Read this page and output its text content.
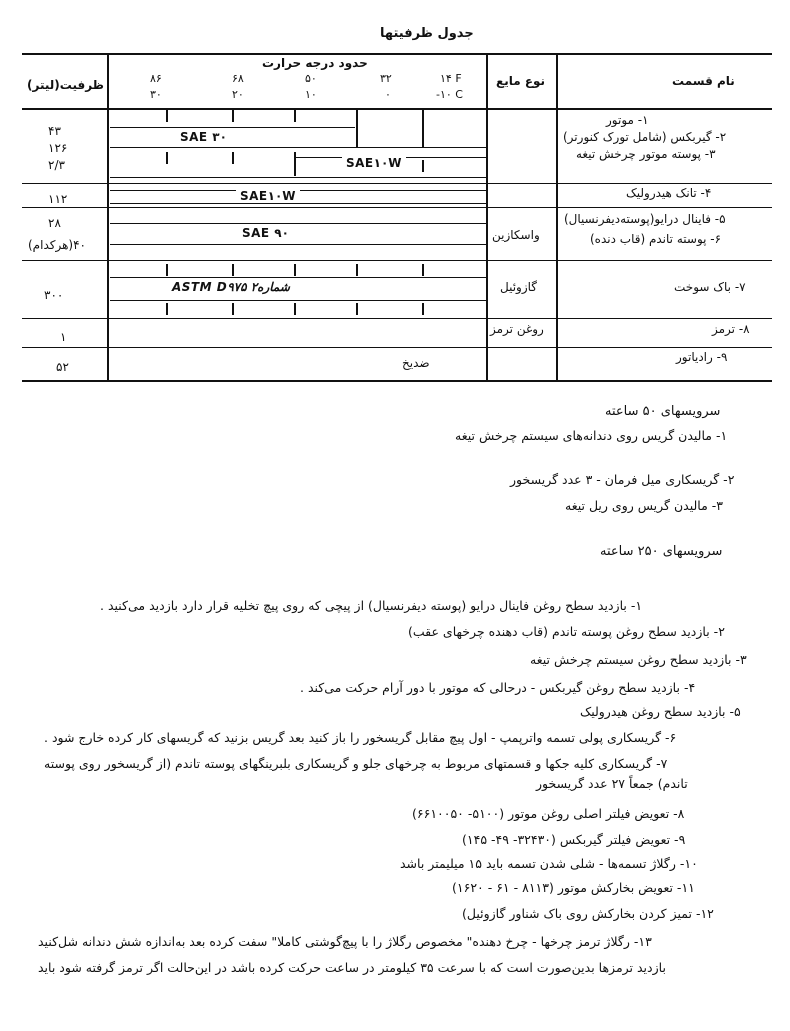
جدول ظرفیتها
نام قسمت
نوع مایع
حدود درجه حرارت
ظرفیت(لیتر)	۱۴ F
۳۲
۵۰
۶۸
۸۶
-۱۰ C
۰
۱۰
۲۰
۳۰
۱- موتور
۲- گیربکس (شامل تورک کنورتر)
۳- پوسته موتور چرخش تیغه
۴۳
۱۲۶
۲/۳
SAE ۳۰
SAE۱۰W
۴- تانک هیدرولیک
۱۱۲	SAE۱۰W
۵- فاینال درایو(پوسته‌دیفرنسیال)
۶- پوسته تاندم (قاب دنده)
واسکازین
۲۸
۴۰(هرکدام)
SAE ۹۰
۷- باک سوخت
گازوئیل
۳۰۰
شماره۲ ASTM D۹۷۵
۸- ترمز
روغن ترمز
۱
۹- رادیاتور
ضدیخ
۵۲
سرویسهای ۵۰ ساعته
۱- مالیدن گریس روی دندانه‌های سیستم چرخش تیغه
۲- گریسکاری میل فرمان - ۳ عدد گریسخور
۳- مالیدن گریس روی ریل تیغه
سرویسهای ۲۵۰ ساعته
۱- بازدید سطح روغن فاینال درایو (پوسته دیفرنسیال) از پیچی که روی پیچ تخلیه قرار دارد بازدید می‌کنید .
۲- بازدید سطح روغن پوسته تاندم (قاب دهنده چرخهای عقب)
۳- بازدید سطح روغن سیستم چرخش تیغه
۴- بازدید سطح روغن گیربکس - درحالی که موتور با دور آرام حرکت می‌کند .
۵- بازدید سطح روغن هیدرولیک
۶- گریسکاری پولی تسمه واترپمپ - اول پیچ مقابل گریسخور را باز کنید بعد گریس بزنید که گریسهای کار کرده خارج شود .
۷- گریسکاری کلیه جکها و قسمتهای مربوط به چرخهای جلو و گریسکاری بلبرینگهای پوسته تاندم (از گریسخور روی پوسته
تاندم) جمعاً ۲۷ عدد گریسخور
۸- تعویض فیلتر اصلی روغن موتور (۵۱۰۰- ۶۶۱۰۰۵۰)
۹- تعویض فیلتر گیربکس (۳۲۴۳۰- ۴۹- ۱۴۵)
۱۰- رگلاژ تسمه‌ها - شلی شدن تسمه باید ۱۵ میلیمتر باشد
۱۱- تعویض بخارکش موتور (۸۱۱۳ - ۶۱ - ۱۶۲۰)
۱۲- تمیز کردن بخارکش روی باک شناور گازوئیل)
۱۳- رگلاژ ترمز چرخها - چرخ دهنده" مخصوص رگلاژ را با پیچ‌گوشتی کاملا" سفت کرده بعد به‌اندازه شش دندانه شل‌کنید
بازدید ترمزها بدین‌صورت است که با سرعت ۳۵ کیلومتر در ساعت حرکت کرده باشد در این‌حالت اگر ترمز گرفته شود باید
